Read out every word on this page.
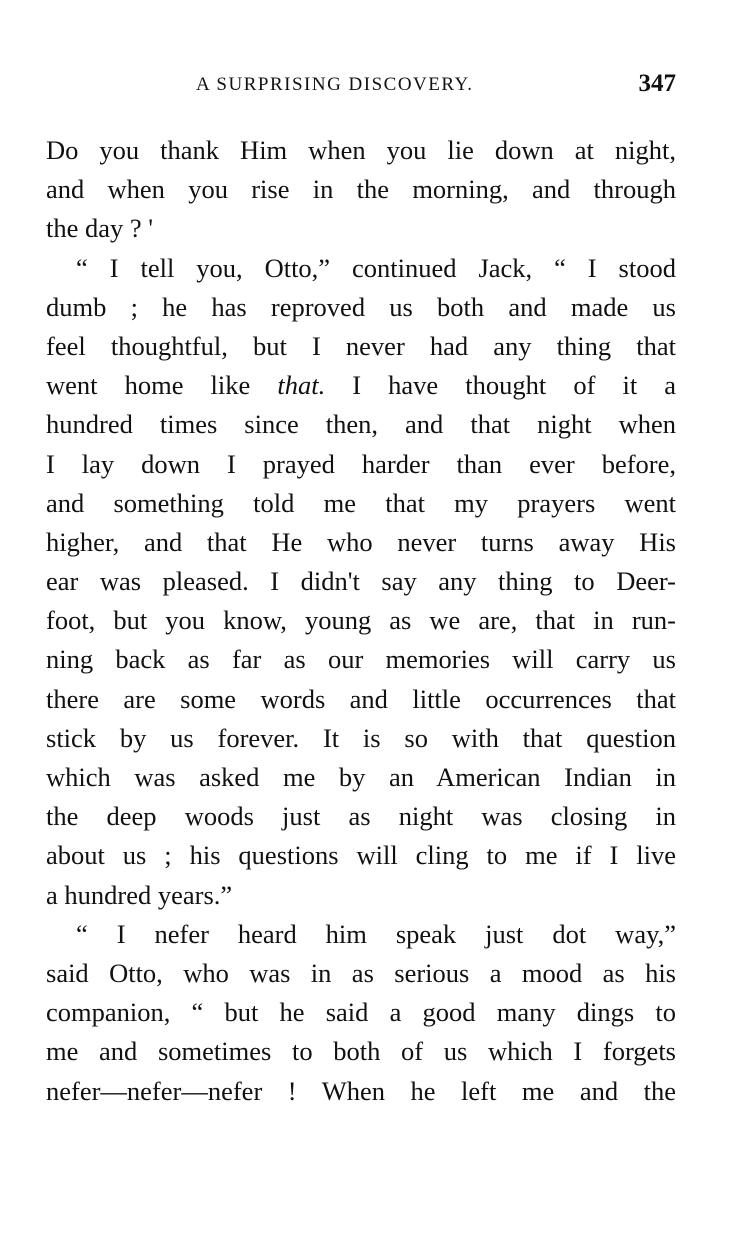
A SURPRISING DISCOVERY.	347
Do you thank Him when you lie down at night,
and when you rise in the morning, and through
the day ? '
“ I tell you, Otto,” continued Jack, “ I stood
dumb ; he has reproved us both and made us
feel thoughtful, but I never had any thing that
went home like that. I have thought of it a
hundred times since then, and that night when
I lay down I prayed harder than ever before,
and something told me that my prayers went
higher, and that He who never turns away His
ear was pleased. I didn't say any thing to Deer-
foot, but you know, young as we are, that in run-
ning back as far as our memories will carry us
there are some words and little occurrences that
stick by us forever. It is so with that question
which was asked me by an American Indian in
the deep woods just as night was closing in
about us ; his questions will cling to me if I live
a hundred years.”
“ I nefer heard him speak just dot way,”
said Otto, who was in as serious a mood as his
companion, “ but he said a good many dings to
me and sometimes to both of us which I forgets
nefer—nefer—nefer ! When he left me and the
